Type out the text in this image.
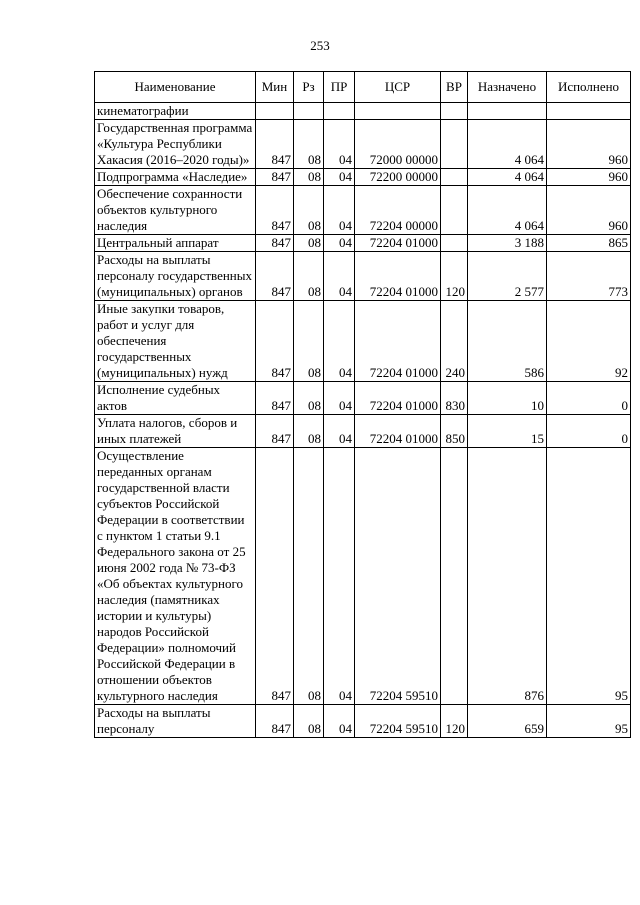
253
Наименование	Мин	Рз	ПР	ЦСР	ВР	Назначено	Исполнено
кинематографии							
Государственная программа «Культура Республики Хакасия (2016–2020 годы)»	847	08	04	72000 00000		4 064	960
Подпрограмма «Наследие»	847	08	04	72200 00000		4 064	960
Обеспечение сохранности объектов культурного наследия	847	08	04	72204 00000		4 064	960
Центральный аппарат	847	08	04	72204 01000		3 188	865
Расходы на выплаты персоналу государственных (муниципальных) органов	847	08	04	72204 01000	120	2 577	773
Иные закупки товаров, работ и услуг для обеспечения государственных (муниципальных) нужд	847	08	04	72204 01000	240	586	92
Исполнение судебных актов	847	08	04	72204 01000	830	10	0
Уплата налогов, сборов и иных платежей	847	08	04	72204 01000	850	15	0
Осуществление переданных органам государственной власти субъектов Российской Федерации в соответствии с пунктом 1 статьи 9.1 Федерального закона от 25 июня 2002 года № 73-ФЗ «Об объектах культурного наследия (памятниках истории и культуры) народов Российской Федерации» полномочий Российской Федерации в отношении объектов культурного наследия	847	08	04	72204 59510		876	95
Расходы на выплаты персоналу	847	08	04	72204 59510	120	659	95
